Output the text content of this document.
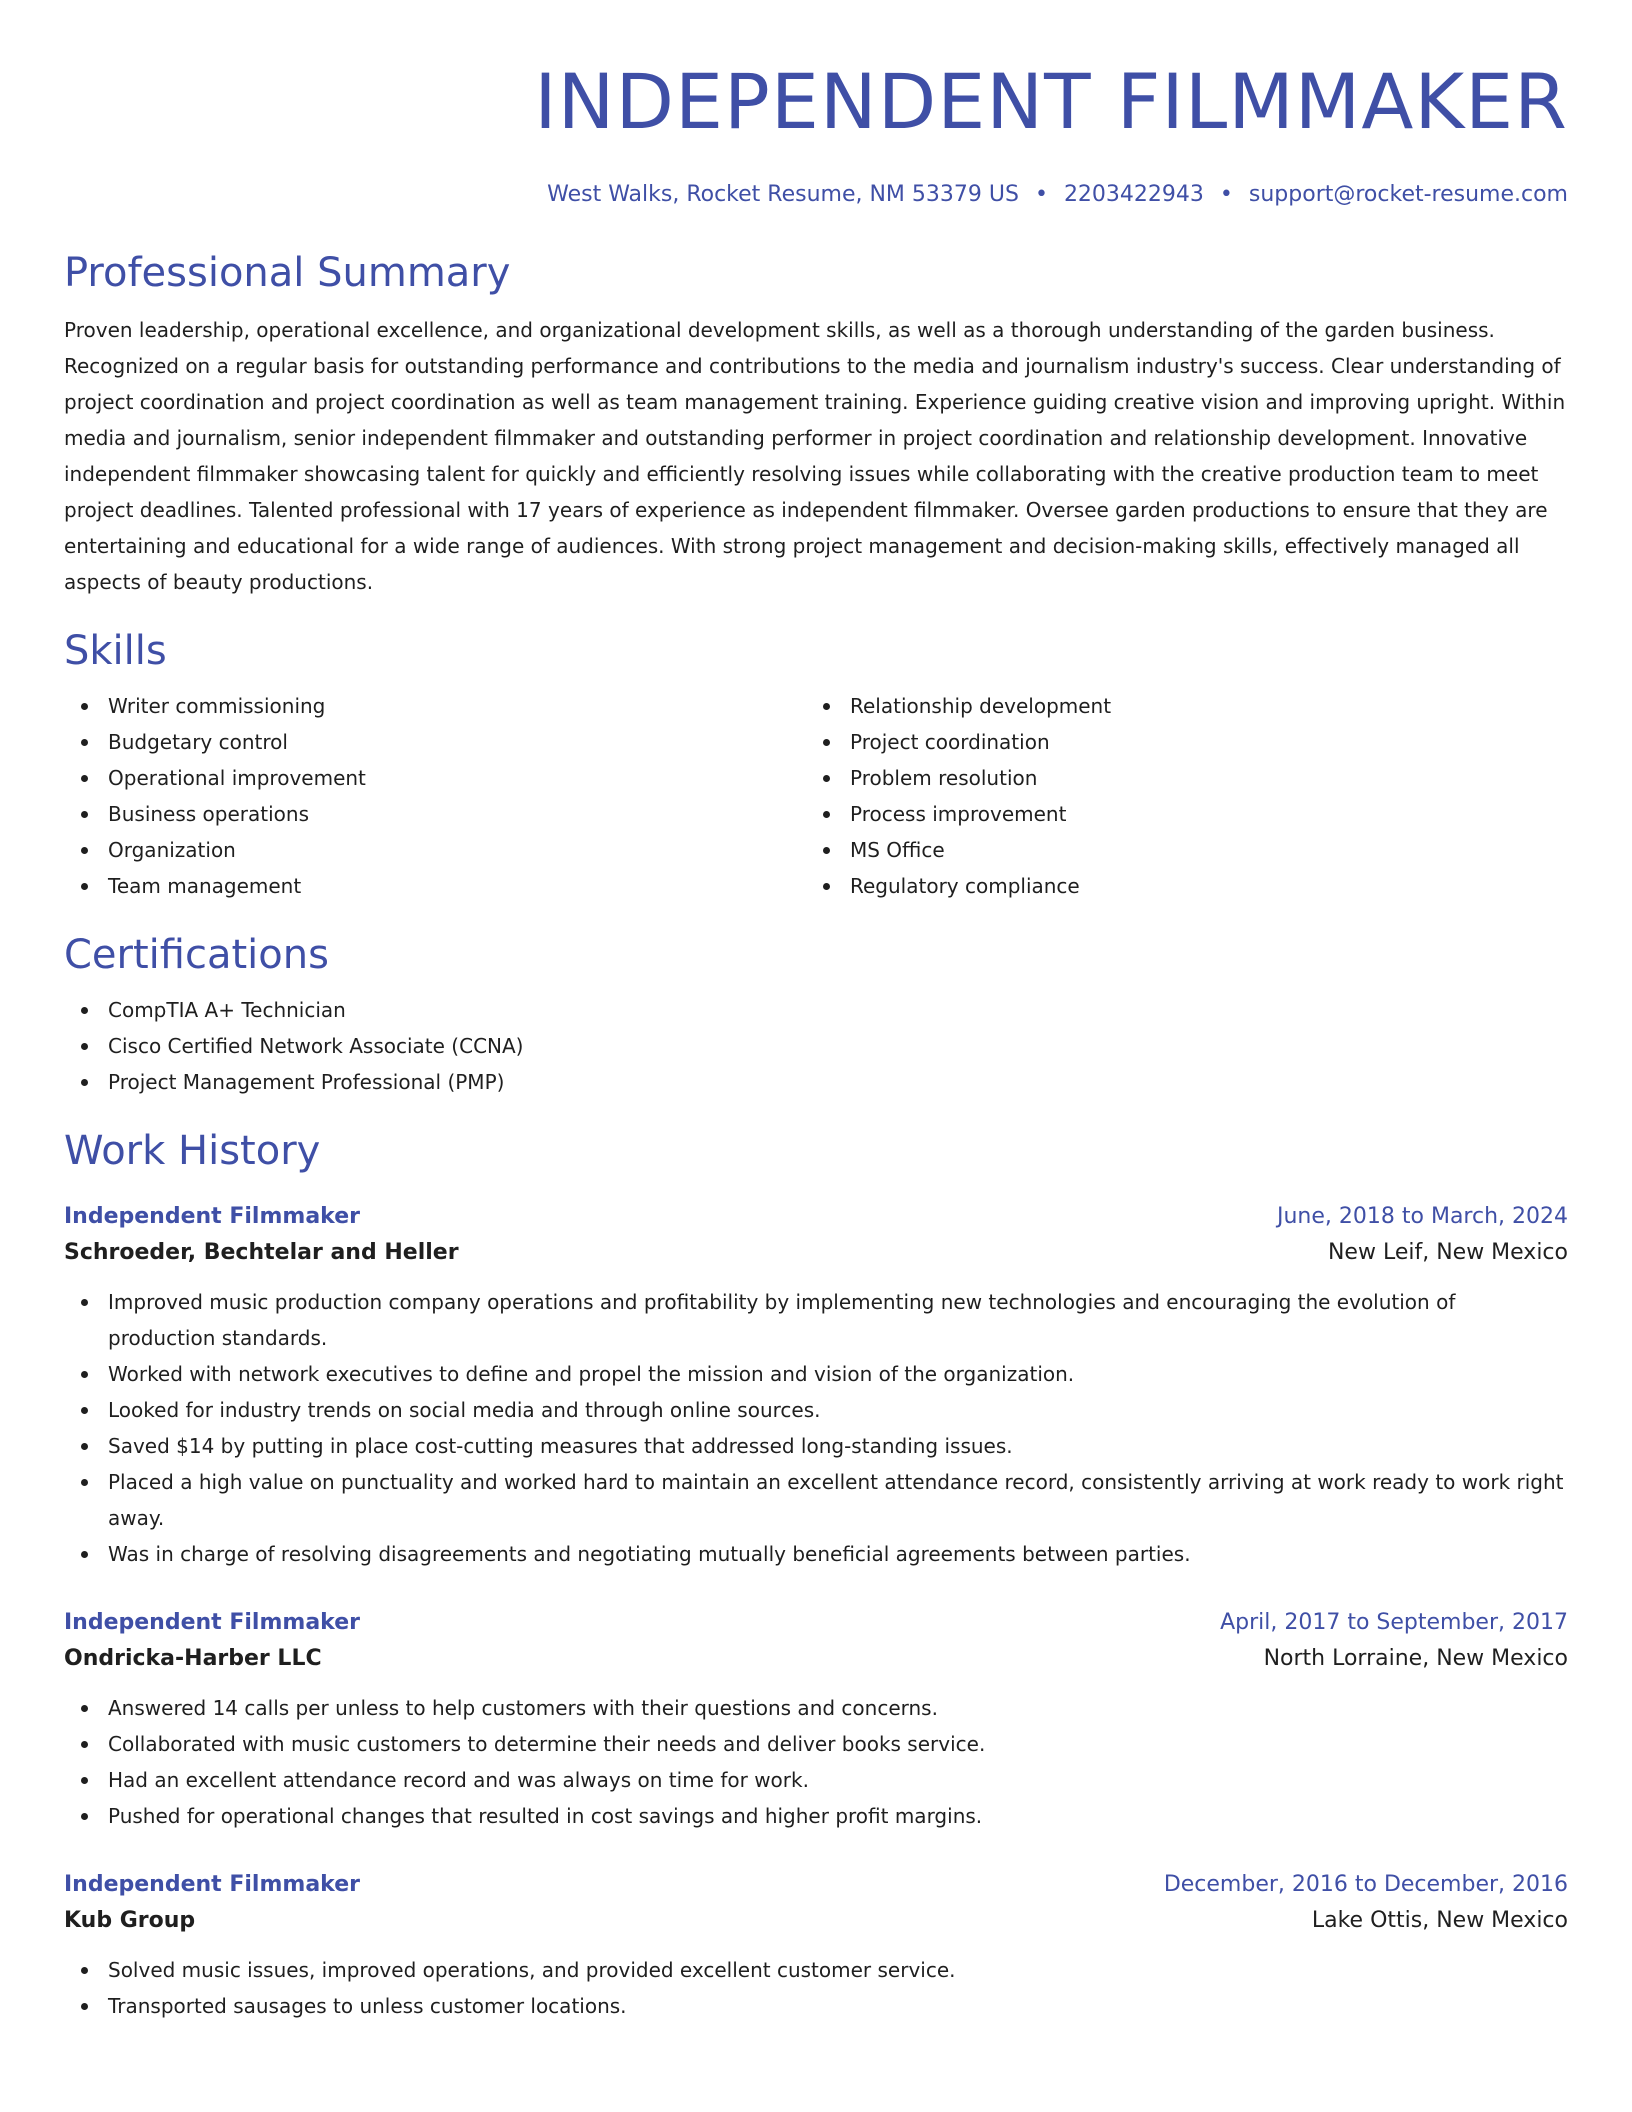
INDEPENDENT FILMMAKER
West Walks, Rocket Resume, NM 53379 US • 2203422943 • support@rocket-resume.com
Professional Summary

Proven leadership, operational excellence, and organizational development skills, as well as a thorough understanding of the garden business. Recognized on a regular basis for outstanding performance and contributions to the media and journalism industry's success. Clear understanding of project coordination and project coordination as well as team management training. Experience guiding creative vision and improving upright. Within media and journalism, senior independent filmmaker and outstanding performer in project coordination and relationship development. Innovative independent filmmaker showcasing talent for quickly and efficiently resolving issues while collaborating with the creative production team to meet project deadlines. Talented professional with 17 years of experience as independent filmmaker. Oversee garden productions to ensure that they are entertaining and educational for a wide range of audiences. With strong project management and decision-making skills, effectively managed all aspects of beauty productions.

Skills
Writer commissioning
Budgetary control
Operational improvement
Business operations
Organization
Team management
Relationship development
Project coordination
Problem resolution
Process improvement
MS Office
Regulatory compliance
Certifications
CompTIA A+ Technician
Cisco Certified Network Associate (CCNA)
Project Management Professional (PMP)
Work History
Independent Filmmaker	June, 2018 to March, 2024
Schroeder, Bechtelar and Heller	New Leif, New Mexico
Improved music production company operations and profitability by implementing new technologies and encouraging the evolution of production standards.
Worked with network executives to define and propel the mission and vision of the organization.
Looked for industry trends on social media and through online sources.
Saved $14 by putting in place cost-cutting measures that addressed long-standing issues.
Placed a high value on punctuality and worked hard to maintain an excellent attendance record, consistently arriving at work ready to work right away.
Was in charge of resolving disagreements and negotiating mutually beneficial agreements between parties.
Independent Filmmaker	April, 2017 to September, 2017
Ondricka-Harber LLC	North Lorraine, New Mexico
Answered 14 calls per unless to help customers with their questions and concerns.
Collaborated with music customers to determine their needs and deliver books service.
Had an excellent attendance record and was always on time for work.
Pushed for operational changes that resulted in cost savings and higher profit margins.
Independent Filmmaker	December, 2016 to December, 2016
Kub Group	Lake Ottis, New Mexico
Solved music issues, improved operations, and provided excellent customer service.
Transported sausages to unless customer locations.
